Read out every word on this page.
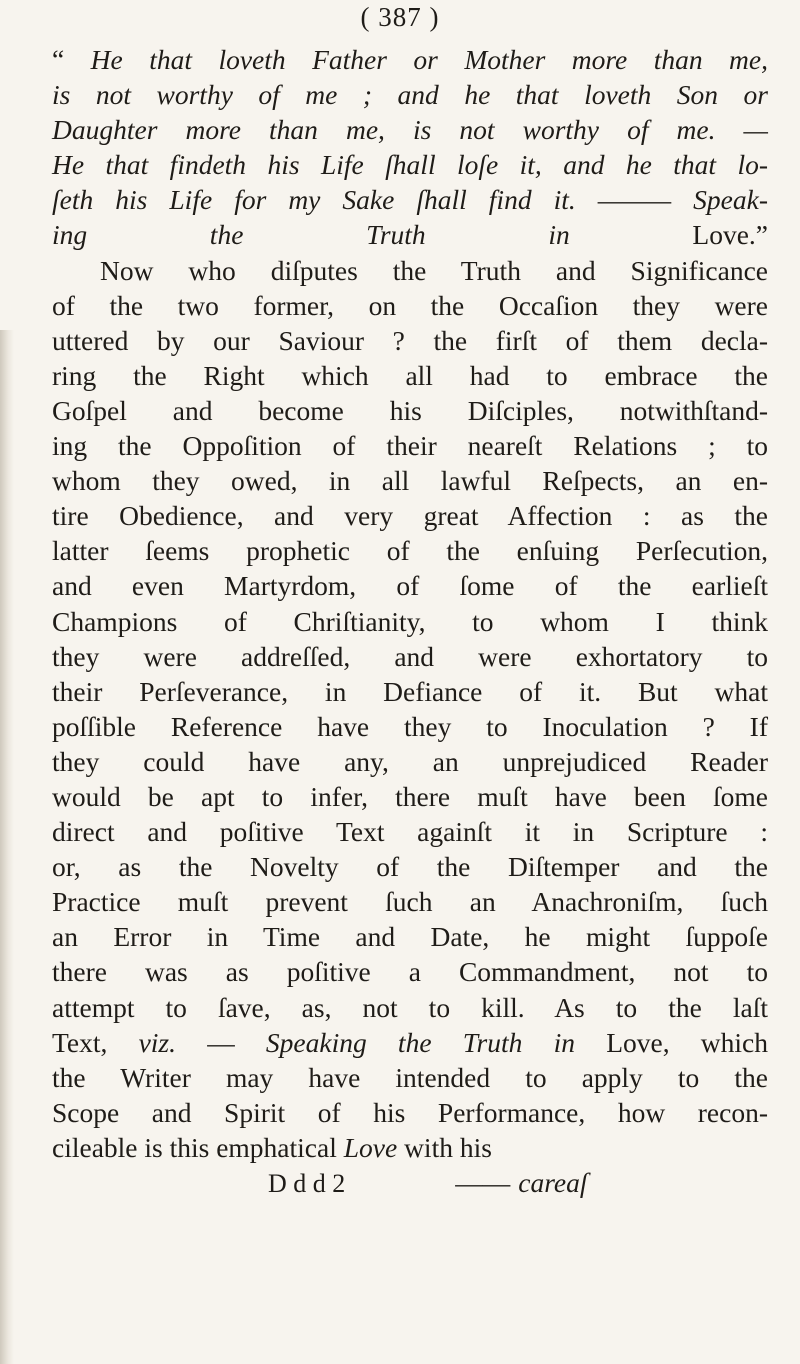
( 387 )
“ He that loveth Father or Mother more than me,
is not worthy of me ; and he that loveth Son or
Daughter more than me, is not worthy of me. —
He that findeth his Life ſhall loſe it, and he that lo-
ſeth his Life for my Sake ſhall find it. ——— Speak-
ing the Truth in Love.”
Now who diſputes the Truth and Significance
of the two former, on the Occaſion they were
uttered by our Saviour ? the firſt of them decla-
ring the Right which all had to embrace the
Goſpel and become his Diſciples, notwithſtand-
ing the Oppoſition of their neareſt Relations ; to
whom they owed, in all lawful Reſpects, an en-
tire Obedience, and very great Affection : as the
latter ſeems prophetic of the enſuing Perſecution,
and even Martyrdom, of ſome of the earlieſt
Champions of Chriſtianity, to whom I think
they were addreſſed, and were exhortatory to
their Perſeverance, in Defiance of it. But what
poſſible Reference have they to Inoculation ? If
they could have any, an unprejudiced Reader
would be apt to infer, there muſt have been ſome
direct and poſitive Text againſt it in Scripture :
or, as the Novelty of the Diſtemper and the
Practice muſt prevent ſuch an Anachroniſm, ſuch
an Error in Time and Date, he might ſuppoſe
there was as poſitive a Commandment, not to
attempt to ſave, as, not to kill. As to the laſt
Text, viz. — Speaking the Truth in Love, which
the Writer may have intended to apply to the
Scope and Spirit of his Performance, how recon-
cileable is this emphatical Love with his
D d d 2	—— careaſ
